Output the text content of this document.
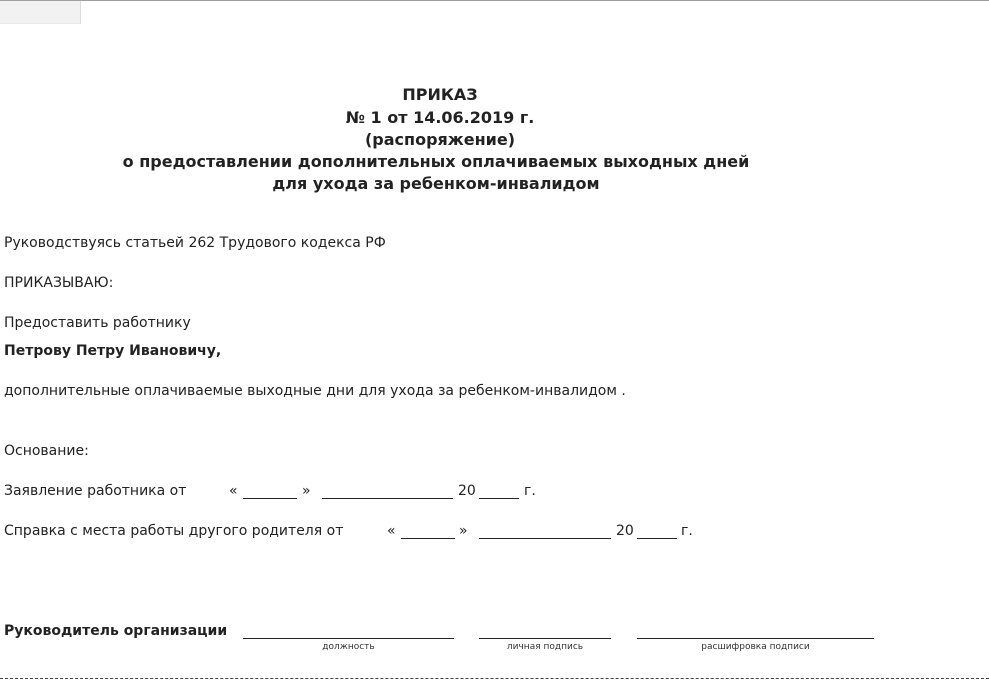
ПРИКАЗ
№ 1 от 14.06.2019 г.
(распоряжение)
о предоставлении дополнительных оплачиваемых выходных дней
для ухода за ребенком-инвалидом
Руководствуясь статьей 262 Трудового кодекса РФ
ПРИКАЗЫВАЮ:
Предоставить работнику
Петрову Петру Ивановичу,
дополнительные оплачиваемые выходные дни для ухода за ребенком-инвалидом .
Основание:
Заявление работника от	«	»	20	г.
Справка с места работы другого родителя от	«	»	20	г.
Руководитель организации
должность	личная подпись	расшифровка подписи
